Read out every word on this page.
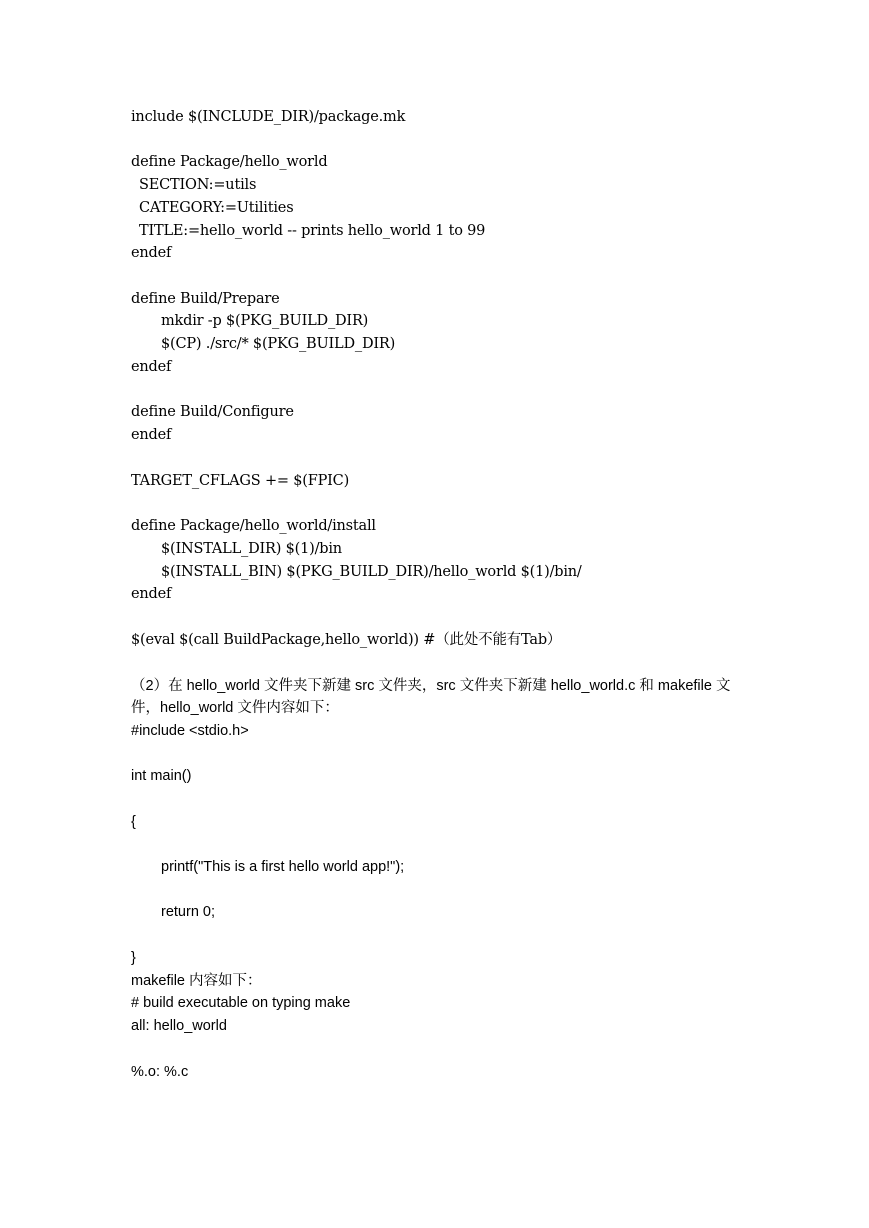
include $(INCLUDE_DIR)/package.mk
define Package/hello_world
SECTION:=utils
CATEGORY:=Utilities
TITLE:=hello_world -- prints hello_world 1 to 99
endef
define Build/Prepare
mkdir -p $(PKG_BUILD_DIR)
$(CP) ./src/* $(PKG_BUILD_DIR)
endef
define Build/Configure
endef
TARGET_CFLAGS += $(FPIC)
define Package/hello_world/install
$(INSTALL_DIR) $(1)/bin
$(INSTALL_BIN) $(PKG_BUILD_DIR)/hello_world $(1)/bin/
endef
$(eval $(call BuildPackage,hello_world)) #（此处不能有Tab）
（2）在 hello_world 文件夹下新建 src 文件夹，src 文件夹下新建 hello_world.c 和 makefile 文
件，hello_world 文件内容如下：
#include <stdio.h>
int main()
{
printf("This is a first hello world app!");
return 0;
}
makefile 内容如下：
# build executable on typing make
all: hello_world
%.o: %.c
